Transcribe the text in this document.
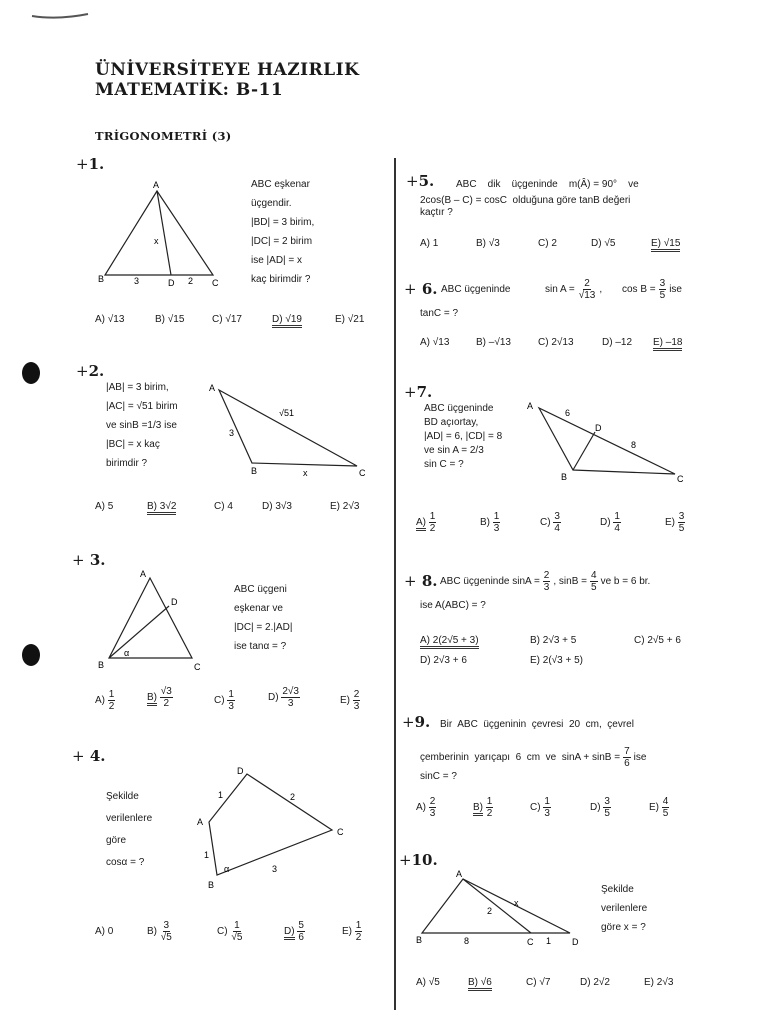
ÜNİVERSİTEYE HAZIRLIK
MATEMATİK: B-11
TRİGONOMETRİ (3)
+1.
A
B	C
D
x
3	2
ABC eşkenar
üçgendir.
|BD| = 3 birim,
|DC| = 2 birim
ise |AD| = x
kaç birimdir ?
A) √13	B) √15	C) √17	D) √19	E) √21
+2.
|AB| = 3 birim,
|AC| = √51 birim
ve sinB =1/3 ise
|BC| = x kaç
birimdir ?
A
B	C
3
√51
x
A) 5	B) 3√2	C) 4	D) 3√3	E) 2√3
+ 3.
A
B	C
D
α
ABC üçgeni
eşkenar ve
|DC| = 2.|AD|
ise tanα = ?
$A) \frac{1}{2}$	$B) \frac{√3}{2}$	$C) \frac{1}{3}$	$D) \frac{2√3}{3}$	$E) \frac{2}{3}$
+ 4.
Şekilde
verilenlere
göre
cosα = ?
D
A
B
C
1	2
1
3
α
A) 0	$B) \frac{3}{√5}$	$C) \frac{1}{√5}$	$D) \frac{5}{6}$	$E) \frac{1}{2}$
+5. ABC    dik    üçgeninde    m(Â) = 90°    ve
2cos(B – C) = cosC  olduğuna göre tanB değeri
kaçtır ?
A) 1	B) √3	C) 2	D) √5	E) √15
+ 6. ABC üçgeninde	$\sin A = \frac{2}{√13}$ , $\cos B = \frac{3}{5}$ ise
tanC = ?
A) √13	B) –√13	C) 2√13	D) –12 E) –18
+7.
ABC üçgeninde
BD açıortay,
|AD| = 6, |CD| = 8
ve sin A = 2/3
sin C = ?
A
B	C
D
6
8
$A) \frac{1}{2}$	$B) \frac{1}{3}$	$C) \frac{3}{4}$	$D) \frac{1}{4}$	$E) \frac{3}{5}$
+ 8. ABC üçgeninde $\sin A = \frac{2}{3}$ , $\sin B = \frac{4}{5}$ ve b = 6 br.
ise A(ABC) = ?
A) 2(2√5 + 3)	B) 2√3 + 5	C) 2√5 + 6
D) 2√3 + 6	E) 2(√3 + 5)
+9. Bir  ABC  üçgeninin  çevresi  20  cm,  çevrel
çemberinin  yarıçapı  6  cm  ve  $\sin A + \sin B = \frac{7}{6}$ ise
sinC = ?
$A) \frac{2}{3}$	$B) \frac{1}{2}$	$C) \frac{1}{3}$	$D) \frac{3}{5}$	$E) \frac{4}{5}$
+10.
A
B	C	D
2
x
8	1
Şekilde
verilenlere
göre x = ?
A) √5	B) √6	C) √7	D) 2√2	E) 2√3
